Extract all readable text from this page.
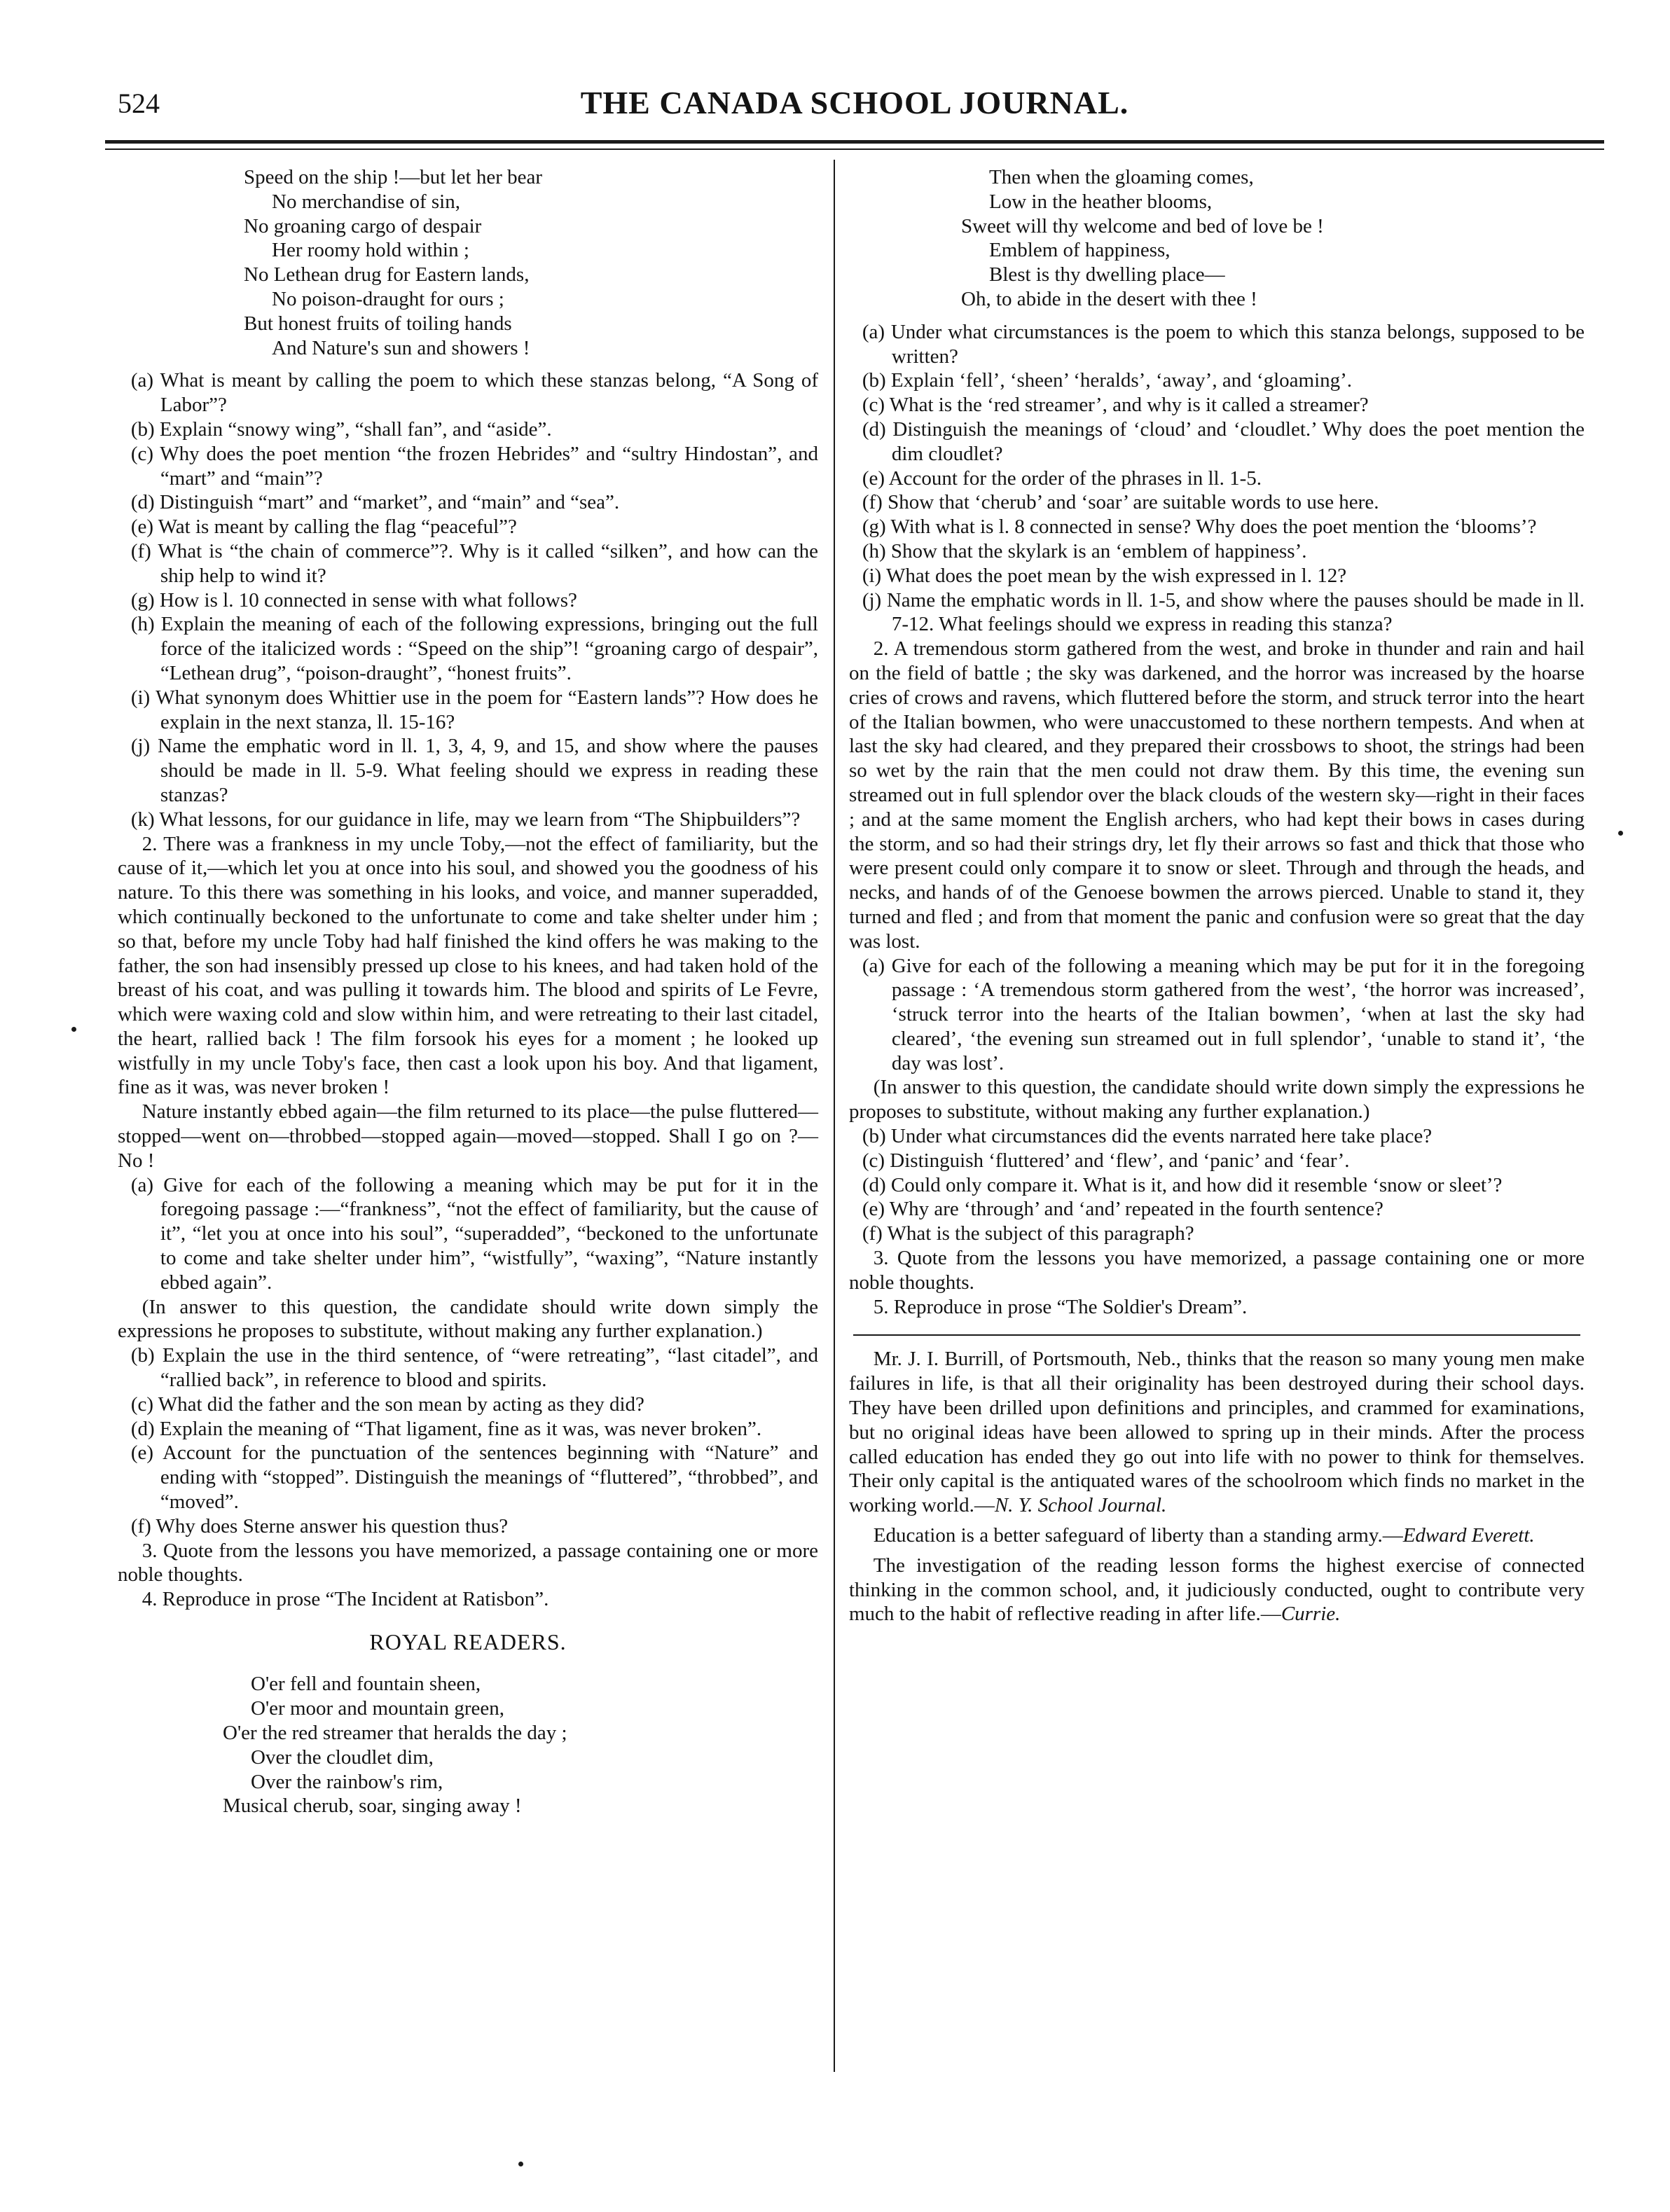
524	THE CANADA SCHOOL JOURNAL.
Speed on the ship !—but let her bear
No merchandise of sin,
No groaning cargo of despair
Her roomy hold within ;
No Lethean drug for Eastern lands,
No poison-draught for ours ;
But honest fruits of toiling hands
And Nature's sun and showers !

(a) What is meant by calling the poem to which these stanzas belong, “A Song of Labor”?

(b) Explain “snowy wing”, “shall fan”, and “aside”.

(c) Why does the poet mention “the frozen Hebrides” and “sultry Hindostan”, and “mart” and “main”?

(d) Distinguish “mart” and “market”, and “main” and “sea”.

(e) Wat is meant by calling the flag “peaceful”?

(f) What is “the chain of commerce”?. Why is it called “silken”, and how can the ship help to wind it?

(g) How is l. 10 connected in sense with what follows?

(h) Explain the meaning of each of the following expressions, bringing out the full force of the italicized words : “Speed on the ship”! “groaning cargo of despair”, “Lethean drug”, “poison-draught”, “honest fruits”.

(i) What synonym does Whittier use in the poem for “Eastern lands”? How does he explain in the next stanza, ll. 15-16?

(j) Name the emphatic word in ll. 1, 3, 4, 9, and 15, and show where the pauses should be made in ll. 5-9. What feeling should we express in reading these stanzas?

(k) What lessons, for our guidance in life, may we learn from “The Shipbuilders”?

2. There was a frankness in my uncle Toby,—not the effect of familiarity, but the cause of it,—which let you at once into his soul, and showed you the goodness of his nature. To this there was something in his looks, and voice, and manner superadded, which continually beckoned to the unfortunate to come and take shelter under him ; so that, before my uncle Toby had half finished the kind offers he was making to the father, the son had insensibly pressed up close to his knees, and had taken hold of the breast of his coat, and was pulling it towards him. The blood and spirits of Le Fevre, which were waxing cold and slow within him, and were retreating to their last citadel, the heart, rallied back ! The film forsook his eyes for a moment ; he looked up wistfully in my uncle Toby's face, then cast a look upon his boy. And that ligament, fine as it was, was never broken !

Nature instantly ebbed again—the film returned to its place—the pulse fluttered—stopped—went on—throbbed—stopped again—moved—stopped. Shall I go on ?—No !

(a) Give for each of the following a meaning which may be put for it in the foregoing passage :—“frankness”, “not the effect of familiarity, but the cause of it”, “let you at once into his soul”, “superadded”, “beckoned to the unfortunate to come and take shelter under him”, “wistfully”, “waxing”, “Nature instantly ebbed again”.

(In answer to this question, the candidate should write down simply the expressions he proposes to substitute, without making any further explanation.)

(b) Explain the use in the third sentence, of “were retreating”, “last citadel”, and “rallied back”, in reference to blood and spirits.

(c) What did the father and the son mean by acting as they did?

(d) Explain the meaning of “That ligament, fine as it was, was never broken”.

(e) Account for the punctuation of the sentences beginning with “Nature” and ending with “stopped”. Distinguish the meanings of “fluttered”, “throbbed”, and “moved”.

(f) Why does Sterne answer his question thus?

3. Quote from the lessons you have memorized, a passage containing one or more noble thoughts.

4. Reproduce in prose “The Incident at Ratisbon”.

ROYAL READERS.
O'er fell and fountain sheen,
O'er moor and mountain green,
O'er the red streamer that heralds the day ;
Over the cloudlet dim,
Over the rainbow's rim,
Musical cherub, soar, singing away !
Then when the gloaming comes,
Low in the heather blooms,
Sweet will thy welcome and bed of love be !
Emblem of happiness,
Blest is thy dwelling place—
Oh, to abide in the desert with thee !

(a) Under what circumstances is the poem to which this stanza belongs, supposed to be written?

(b) Explain ‘fell’, ‘sheen’ ‘heralds’, ‘away’, and ‘gloaming’.

(c) What is the ‘red streamer’, and why is it called a streamer?

(d) Distinguish the meanings of ‘cloud’ and ‘cloudlet.’ Why does the poet mention the dim cloudlet?

(e) Account for the order of the phrases in ll. 1-5.

(f) Show that ‘cherub’ and ‘soar’ are suitable words to use here.

(g) With what is l. 8 connected in sense? Why does the poet mention the ‘blooms’?

(h) Show that the skylark is an ‘emblem of happiness’.

(i) What does the poet mean by the wish expressed in l. 12?

(j) Name the emphatic words in ll. 1-5, and show where the pauses should be made in ll. 7-12. What feelings should we express in reading this stanza?

2. A tremendous storm gathered from the west, and broke in thunder and rain and hail on the field of battle ; the sky was darkened, and the horror was increased by the hoarse cries of crows and ravens, which fluttered before the storm, and struck terror into the heart of the Italian bowmen, who were unaccustomed to these northern tempests. And when at last the sky had cleared, and they prepared their crossbows to shoot, the strings had been so wet by the rain that the men could not draw them. By this time, the evening sun streamed out in full splendor over the black clouds of the western sky—right in their faces ; and at the same moment the English archers, who had kept their bows in cases during the storm, and so had their strings dry, let fly their arrows so fast and thick that those who were present could only compare it to snow or sleet. Through and through the heads, and necks, and hands of of the Genoese bowmen the arrows pierced. Unable to stand it, they turned and fled ; and from that moment the panic and confusion were so great that the day was lost.

(a) Give for each of the following a meaning which may be put for it in the foregoing passage : ‘A tremendous storm gathered from the west’, ‘the horror was increased’, ‘struck terror into the hearts of the Italian bowmen’, ‘when at last the sky had cleared’, ‘the evening sun streamed out in full splendor’, ‘unable to stand it’, ‘the day was lost’.

(In answer to this question, the candidate should write down simply the expressions he proposes to substitute, without making any further explanation.)

(b) Under what circumstances did the events narrated here take place?

(c) Distinguish ‘fluttered’ and ‘flew’, and ‘panic’ and ‘fear’.

(d) Could only compare it. What is it, and how did it resemble ‘snow or sleet’?

(e) Why are ‘through’ and ‘and’ repeated in the fourth sentence?

(f) What is the subject of this paragraph?

3. Quote from the lessons you have memorized, a passage containing one or more noble thoughts.

5. Reproduce in prose “The Soldier's Dream”.

Mr. J. I. Burrill, of Portsmouth, Neb., thinks that the reason so many young men make failures in life, is that all their originality has been destroyed during their school days. They have been drilled upon definitions and principles, and crammed for examinations, but no original ideas have been allowed to spring up in their minds. After the process called education has ended they go out into life with no power to think for themselves. Their only capital is the antiquated wares of the schoolroom which finds no market in the working world.—N. Y. School Journal.

Education is a better safeguard of liberty than a standing army.—Edward Everett.

The investigation of the reading lesson forms the highest exercise of connected thinking in the common school, and, it judiciously conducted, ought to contribute very much to the habit of reflective reading in after life.—Currie.
